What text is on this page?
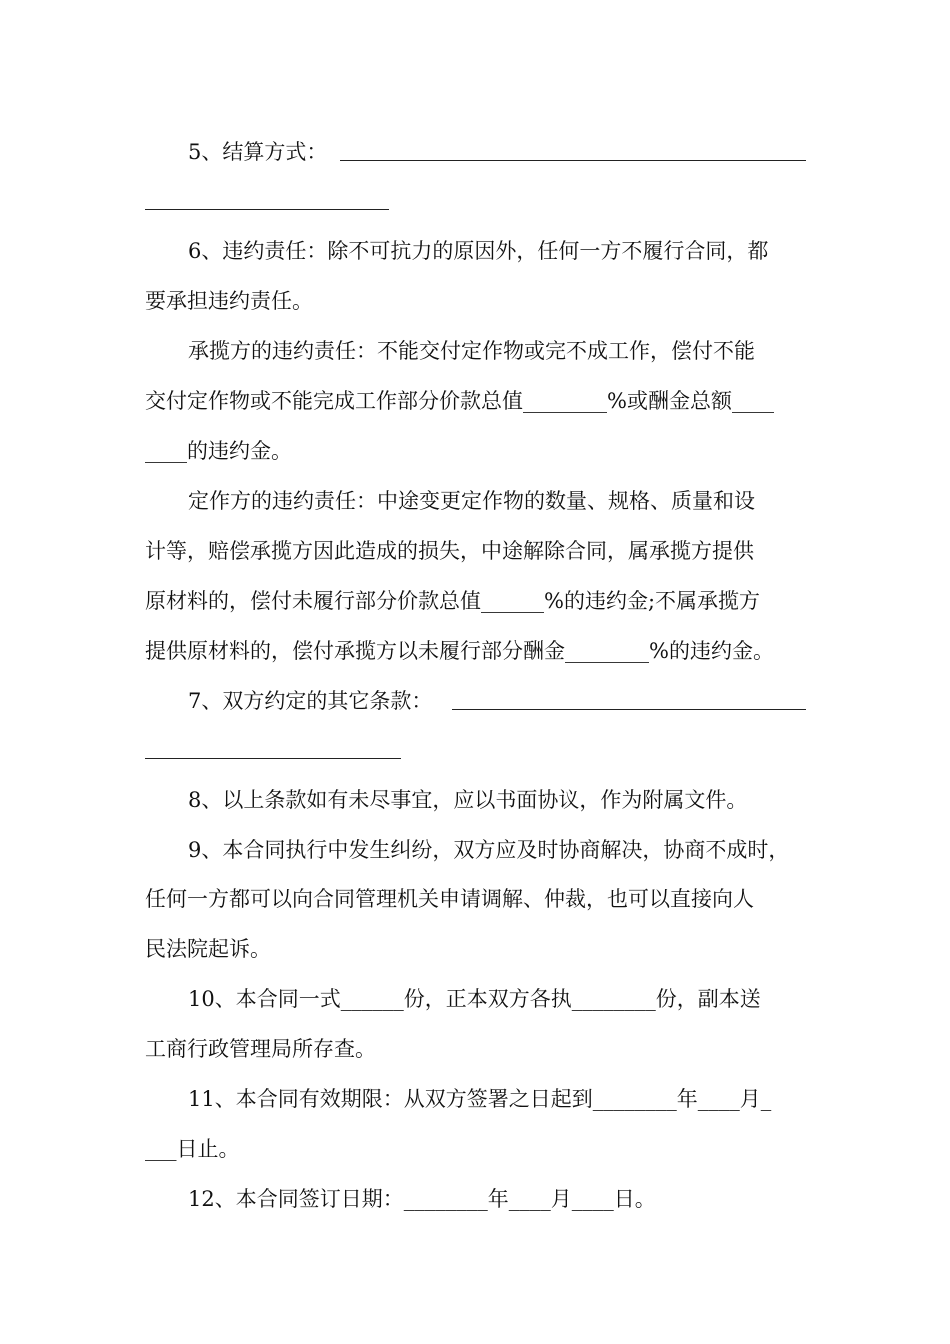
5、结算方式：
6、违约责任：除不可抗力的原因外，任何一方不履行合同，都
要承担违约责任。
承揽方的违约责任：不能交付定作物或完不成工作，偿付不能
交付定作物或不能完成工作部分价款总值________%或酬金总额____
____的违约金。
定作方的违约责任：中途变更定作物的数量、规格、质量和设
计等，赔偿承揽方因此造成的损失，中途解除合同，属承揽方提供
原材料的，偿付未履行部分价款总值______%的违约金;不属承揽方
提供原材料的，偿付承揽方以未履行部分酬金________%的违约金。
7、双方约定的其它条款：
8、以上条款如有未尽事宜，应以书面协议，作为附属文件。
9、本合同执行中发生纠纷，双方应及时协商解决，协商不成时，
任何一方都可以向合同管理机关申请调解、仲裁，也可以直接向人
民法院起诉。
10、本合同一式______份，正本双方各执________份，副本送
工商行政管理局所存查。
11、本合同有效期限：从双方签署之日起到________年____月_
___日止。
12、本合同签订日期：________年____月____日。
